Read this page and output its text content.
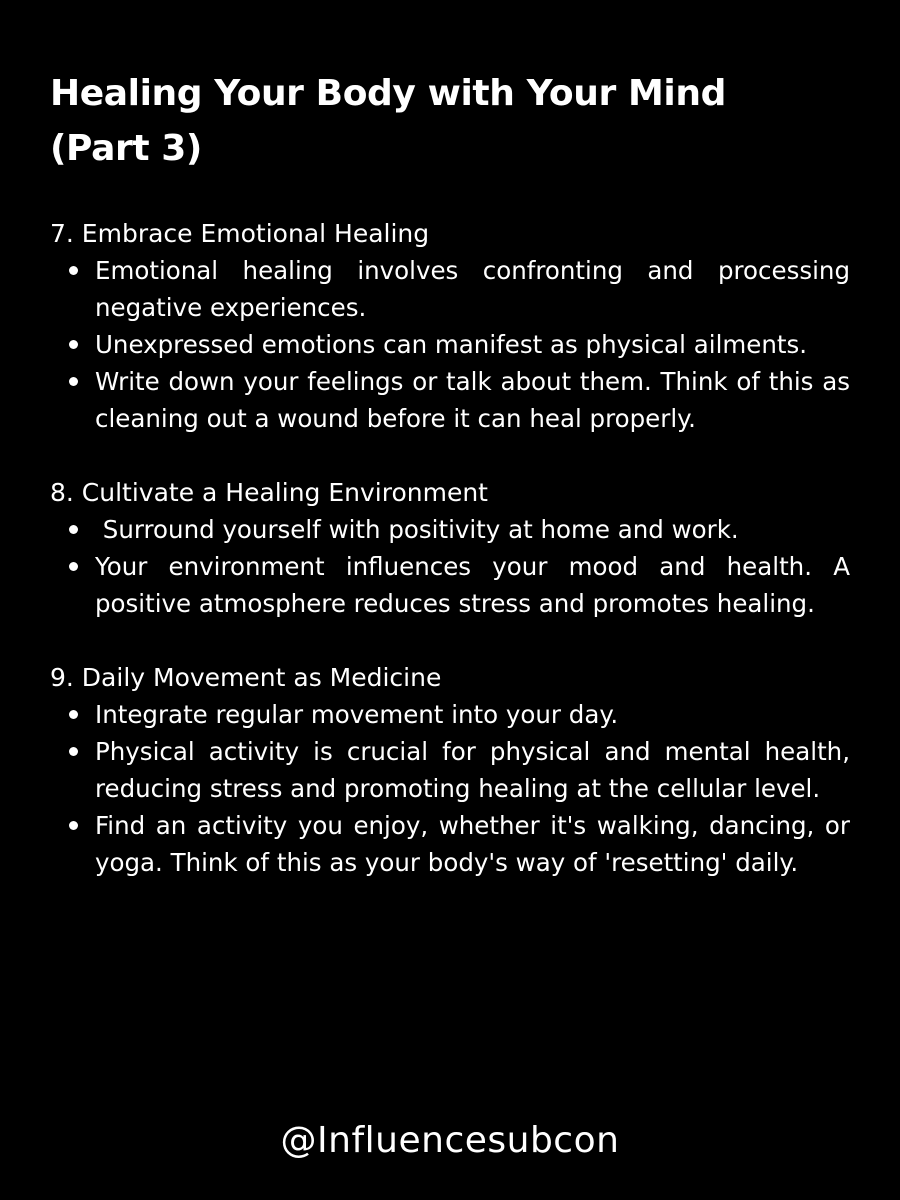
Healing Your Body with Your Mind
(Part 3)

7. Embrace Emotional Healing

Emotional healing involves confronting and processing negative experiences.
Unexpressed emotions can manifest as physical ailments.
Write down your feelings or talk about them. Think of this as cleaning out a wound before it can heal properly.

8. Cultivate a Healing Environment

Surround yourself with positivity at home and work.
Your environment influences your mood and health. A positive atmosphere reduces stress and promotes healing.

9. Daily Movement as Medicine

Integrate regular movement into your day.
Physical activity is crucial for physical and mental health, reducing stress and promoting healing at the cellular level.
Find an activity you enjoy, whether it's walking, dancing, or yoga. Think of this as your body's way of 'resetting' daily.
@Influencesubcon
